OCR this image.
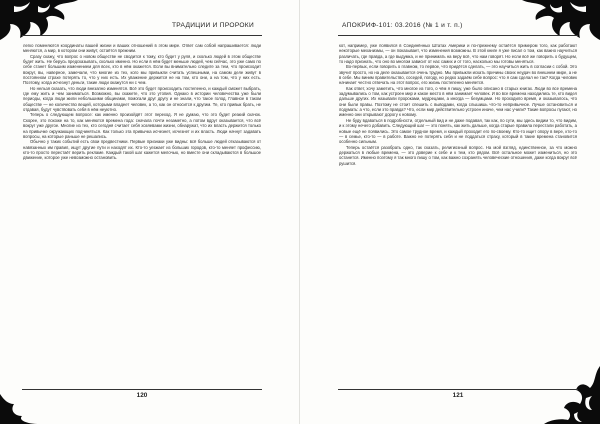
ТРАДИЦИИ И ПРОРОКИ

легко поменяются координаты вашей жизни и ваших отношений в этом мире. Ответ сам собой напрашивается: люди меняются, а мир, в котором они живут, остаётся прежним.

Сразу скажу, что вопрос о новом обществе не сводится к тому, кто будет у руля, и сколько людей в этом обществе будет жить. Не берусь предсказывать, сколько именно. Но если в нём будет меньше людей, чем сейчас, это уже само по себе станет большим изменением для всех, кто в нём окажется. Если вы внимательно следите за тем, что происходит вокруг, вы, наверное, замечали, что многие из тех, кого мы привыкли считать успешными, на самом деле живут в постоянном страхе потерять то, что у них есть. Их уважение держится не на том, кто они, а на том, что у них есть. Поэтому, когда исчезнут деньги, такие люди окажутся ни с чем.

Но нельзя сказать, что люди внезапно изменятся. Всё это будет происходить постепенно, и каждый сможет выбрать, где ему жить и чем заниматься. Возможно, вы скажете, что это утопия. Однако в истории человечества уже были периоды, когда люди жили небольшими общинами, помогали друг другу и не знали, что такое голод. Главное в таком обществе — не количество вещей, которыми владеет человек, а то, как он относится к другим. Те, кто привык брать, не отдавая, будут чувствовать себя в нём неуютно.

Теперь о следующем вопросе: как именно произойдёт этот переход. Я не думаю, что это будет резкий скачок. Скорее, это похоже на то, как меняются времена года: сначала почти незаметно, а потом вдруг оказывается, что всё вокруг уже другое. Многие из тех, кто сегодня считает себя хозяевами жизни, обнаружат, что их власть держится только на привычке окружающих подчиняться. Как только эта привычка исчезнет, исчезнет и их власть. Люди начнут задавать вопросы, на которые раньше не решались.

Обычно у таких событий есть свои предвестники. Первые признаки уже видны: всё больше людей отказываются от навязанных им правил, ищут другие пути и находят их. Кто-то уезжает из больших городов, кто-то меняет профессию, кто-то просто перестаёт верить рекламе. Каждый такой шаг кажется мелочью, но вместе они складываются в большое движение, которое уже невозможно остановить.

120
АПОКРИФ-101: 03.2016 (№ 1 и т. п.)

кот, например, уже появился в Соединённых Штатах Америки и по-прежнему остаётся примером того, как работают некоторые механизмы, — он показывает, что изменения возможны. В этой книге я уже писал о том, как важно научиться различать, где правда, а где выдумка, и не принимать на веру всё, что нам говорят. Но если всё же говорить о будущем, то надо признать, что оно во многом зависит от нас самих и от того, насколько мы готовы меняться.

Во-первых, если говорить о главном, то первое, что придётся сделать, — это научиться жить в согласии с собой. Это звучит просто, но на деле оказывается очень трудно. Мы привыкли искать причины своих неудач во внешнем мире, а не в себе. Мы виним правительство, соседей, погоду, но редко задаём себе вопрос: что я сам сделал не так? Когда человек начинает честно отвечать на этот вопрос, его жизнь постепенно меняется.

Как ответ, хочу заметить, что многое из того, о чём я пишу, уже было описано в старых книгах. Люди во все времена задумывались о том, как устроен мир и какое место в нём занимает человек. И во все времена находились те, кто видел дальше других. Их называли пророками, мудрецами, а иногда — безумцами. Но проходило время, и оказывалось, что они были правы. Поэтому не стоит спешить с выводами, когда слышишь что-то непривычное. Лучше остановиться и подумать: а что, если это правда? Что, если мир действительно устроен иначе, чем нас учили? Такие вопросы пугают, но именно они открывают дорогу к новому.

Не буду вдаваться в подробности, отдельный вид и не даже подавая, так как, по сути, мы здесь видим то, что видим, и к этому нечего добавить. Следующий шаг — это понять, как жить дальше, когда старые правила перестали работать, а новые ещё не появились. Это самое трудное время, и каждый проходит его по-своему. Кто-то ищет опору в вере, кто-то — в семье, кто-то — в работе. Важно не потерять себя и не поддаться страху, который в такие времена становится особенно сильным.

Теперь остаётся разобрать одно, так сказать, религиозный вопрос. На мой взгляд, единственное, за что можно держаться в любые времена, — это доверие к себе и к тем, кто рядом. Всё остальное может измениться, но это останется. Именно поэтому я так много пишу о том, как важно сохранять человеческие отношения, даже когда вокруг всё рушится.

121
